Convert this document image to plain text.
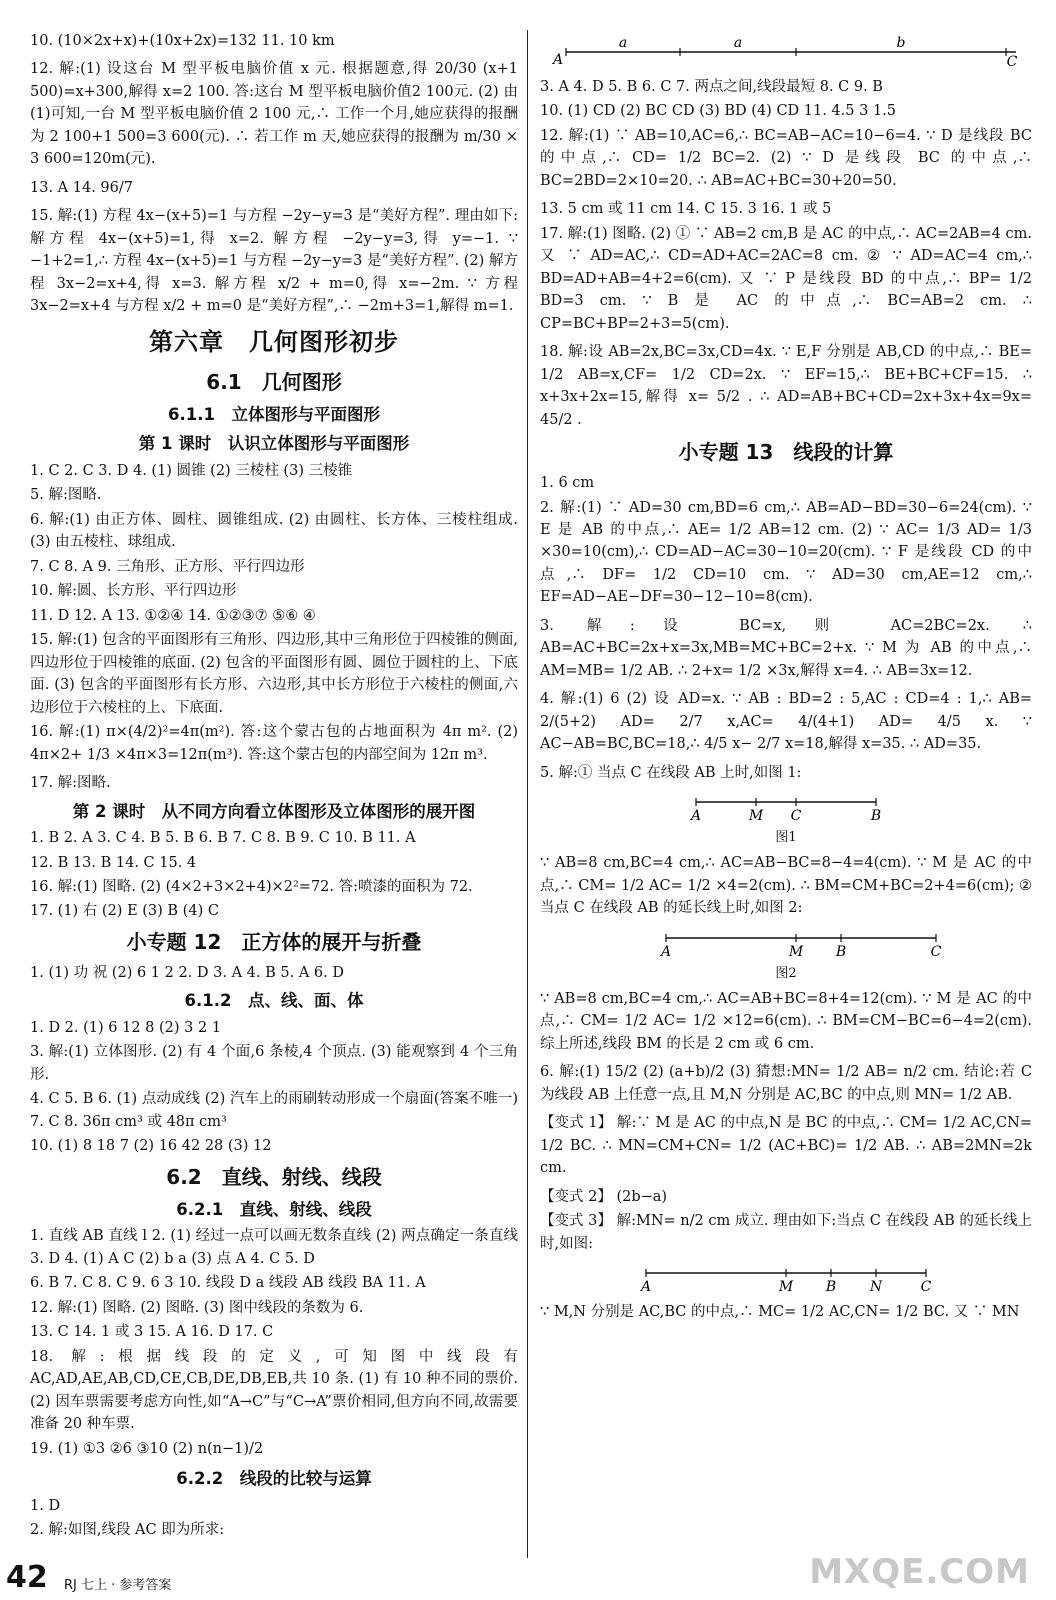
10. (10×2x+x)+(10x+2x)=132 11. 10 km
12. 解:(1) 设这台 M 型平板电脑价值 x 元. 根据题意,得 20/30 (x+1 500)=x+300,解得 x=2 100. 答:这台 M 型平板电脑价值2 100元. (2) 由(1)可知,一台 M 型平板电脑价值 2 100 元,∴ 工作一个月,她应获得的报酬为 2 100+1 500=3 600(元). ∴ 若工作 m 天,她应获得的报酬为 m/30 × 3 600=120m(元).
13. A 14. 96/7
15. 解:(1) 方程 4x−(x+5)=1 与方程 −2y−y=3 是“美好方程”. 理由如下:解方程 4x−(x+5)=1,得 x=2. 解方程 −2y−y=3,得 y=−1. ∵ −1+2=1,∴ 方程 4x−(x+5)=1 与方程 −2y−y=3 是“美好方程”. (2) 解方程 3x−2=x+4,得 x=3. 解方程 x/2 + m=0,得 x=−2m. ∵ 方程 3x−2=x+4 与方程 x/2 + m=0 是“美好方程”,∴ −2m+3=1,解得 m=1.
第六章　几何图形初步
6.1　几何图形
6.1.1　立体图形与平面图形
第 1 课时　认识立体图形与平面图形
1. C 2. C 3. D 4. (1) 圆锥 (2) 三棱柱 (3) 三棱锥
5. 解:图略.
6. 解:(1) 由正方体、圆柱、圆锥组成. (2) 由圆柱、长方体、三棱柱组成. (3) 由五棱柱、球组成.
7. C 8. A 9. 三角形、正方形、平行四边形
10. 解:圆、长方形、平行四边形
11. D 12. A 13. ①②④ 14. ①②③⑦ ⑤⑥ ④
15. 解:(1) 包含的平面图形有三角形、四边形,其中三角形位于四棱锥的侧面,四边形位于四棱锥的底面. (2) 包含的平面图形有圆、圆位于圆柱的上、下底面. (3) 包含的平面图形有长方形、六边形,其中长方形位于六棱柱的侧面,六边形位于六棱柱的上、下底面.
16. 解:(1) π×(4/2)²=4π(m²). 答:这个蒙古包的占地面积为 4π m². (2) 4π×2+ 1/3 ×4π×3=12π(m³). 答:这个蒙古包的内部空间为 12π m³.
17. 解:图略.
第 2 课时　从不同方向看立体图形及立体图形的展开图
1. B 2. A 3. C 4. B 5. B 6. B 7. C 8. B 9. C 10. B 11. A
12. B 13. B 14. C 15. 4
16. 解:(1) 图略. (2) (4×2+3×2+4)×2²=72. 答:喷漆的面积为 72.
17. (1) 右 (2) E (3) B (4) C
小专题 12　正方体的展开与折叠
1. (1) 功 祝 (2) 6 1 2 2. D 3. A 4. B 5. A 6. D
6.1.2　点、线、面、体
1. D 2. (1) 6 12 8 (2) 3 2 1
3. 解:(1) 立体图形. (2) 有 4 个面,6 条棱,4 个顶点. (3) 能观察到 4 个三角形.
4. C 5. B 6. (1) 点动成线 (2) 汽车上的雨刷转动形成一个扇面(答案不唯一) 7. C 8. 36π cm³ 或 48π cm³
10. (1) 8 18 7 (2) 16 42 28 (3) 12
6.2　直线、射线、线段
6.2.1　直线、射线、线段
1. 直线 AB 直线 l 2. (1) 经过一点可以画无数条直线 (2) 两点确定一条直线 3. D 4. (1) A C (2) b a (3) 点 A 4. C 5. D
6. B 7. C 8. C 9. 6 3 10. 线段 D a 线段 AB 线段 BA 11. A
12. 解:(1) 图略. (2) 图略. (3) 图中线段的条数为 6.
13. C 14. 1 或 3 15. A 16. D 17. C
18. 解:根据线段的定义,可知图中线段有 AC,AD,AE,AB,CD,CE,CB,DE,DB,EB,共 10 条. (1) 有 10 种不同的票价. (2) 因车票需要考虑方向性,如“A→C”与“C→A”票价相同,但方向不同,故需要准备 20 种车票.
19. (1) ①3 ②6 ③10 (2) n(n−1)/2
6.2.2　线段的比较与运算
1. D
2. 解:如图,线段 AC 即为所求:
A
a	a	b
C
3. A 4. D 5. B 6. C 7. 两点之间,线段最短 8. C 9. B
10. (1) CD (2) BC CD (3) BD (4) CD 11. 4.5 3 1.5
12. 解:(1) ∵ AB=10,AC=6,∴ BC=AB−AC=10−6=4. ∵ D 是线段 BC 的中点,∴ CD= 1/2 BC=2. (2) ∵ D 是线段 BC 的中点,∴ BC=2BD=2×10=20. ∴ AB=AC+BC=30+20=50.
13. 5 cm 或 11 cm 14. C 15. 3 16. 1 或 5
17. 解:(1) 图略. (2) ① ∵ AB=2 cm,B 是 AC 的中点,∴ AC=2AB=4 cm. 又 ∵ AD=AC,∴ CD=AD+AC=2AC=8 cm. ② ∵ AD=AC=4 cm,∴ BD=AD+AB=4+2=6(cm). 又 ∵ P 是线段 BD 的中点,∴ BP= 1/2 BD=3 cm. ∵ B 是 AC 的中点,∴ BC=AB=2 cm. ∴ CP=BC+BP=2+3=5(cm).
18. 解:设 AB=2x,BC=3x,CD=4x. ∵ E,F 分别是 AB,CD 的中点,∴ BE= 1/2 AB=x,CF= 1/2 CD=2x. ∵ EF=15,∴ BE+BC+CF=15. ∴ x+3x+2x=15,解得 x= 5/2 . ∴ AD=AB+BC+CD=2x+3x+4x=9x= 45/2 .
小专题 13　线段的计算
1. 6 cm
2. 解:(1) ∵ AD=30 cm,BD=6 cm,∴ AB=AD−BD=30−6=24(cm). ∵ E 是 AB 的中点,∴ AE= 1/2 AB=12 cm. (2) ∵ AC= 1/3 AD= 1/3 ×30=10(cm),∴ CD=AD−AC=30−10=20(cm). ∵ F 是线段 CD 的中点,∴ DF= 1/2 CD=10 cm. ∵ AD=30 cm,AE=12 cm,∴ EF=AD−AE−DF=30−12−10=8(cm).
3. 解:设 BC=x,则 AC=2BC=2x. ∴ AB=AC+BC=2x+x=3x,MB=MC+BC=2+x. ∵ M 为 AB 的中点,∴ AM=MB= 1/2 AB. ∴ 2+x= 1/2 ×3x,解得 x=4. ∴ AB=3x=12.
4. 解:(1) 6 (2) 设 AD=x. ∵ AB : BD=2 : 5,AC : CD=4 : 1,∴ AB= 2/(5+2) AD= 2/7 x,AC= 4/(4+1) AD= 4/5 x. ∵ AC−AB=BC,BC=18,∴ 4/5 x− 2/7 x=18,解得 x=35. ∴ AD=35.
5. 解:① 当点 C 在线段 AB 上时,如图 1:
A	M C	B
图1
∵ AB=8 cm,BC=4 cm,∴ AC=AB−BC=8−4=4(cm). ∵ M 是 AC 的中点,∴ CM= 1/2 AC= 1/2 ×4=2(cm). ∴ BM=CM+BC=2+4=6(cm); ② 当点 C 在线段 AB 的延长线上时,如图 2:
A	M B	C
图2
∵ AB=8 cm,BC=4 cm,∴ AC=AB+BC=8+4=12(cm). ∵ M 是 AC 的中点,∴ CM= 1/2 AC= 1/2 ×12=6(cm). ∴ BM=CM−BC=6−4=2(cm). 综上所述,线段 BM 的长是 2 cm 或 6 cm.
6. 解:(1) 15/2 (2) (a+b)/2 (3) 猜想:MN= 1/2 AB= n/2 cm. 结论:若 C 为线段 AB 上任意一点,且 M,N 分别是 AC,BC 的中点,则 MN= 1/2 AB.
【变式 1】 解:∵ M 是 AC 的中点,N 是 BC 的中点,∴ CM= 1/2 AC,CN= 1/2 BC. ∴ MN=CM+CN= 1/2 (AC+BC)= 1/2 AB. ∴ AB=2MN=2k cm.
【变式 2】 (2b−a)
【变式 3】 解:MN= n/2 cm 成立. 理由如下:当点 C 在线段 AB 的延长线上时,如图:
A	M B N	C
∵ M,N 分别是 AC,BC 的中点,∴ MC= 1/2 AC,CN= 1/2 BC. 又 ∵ MN
42 RJ 七上 · 参考答案	MXQE.COM
